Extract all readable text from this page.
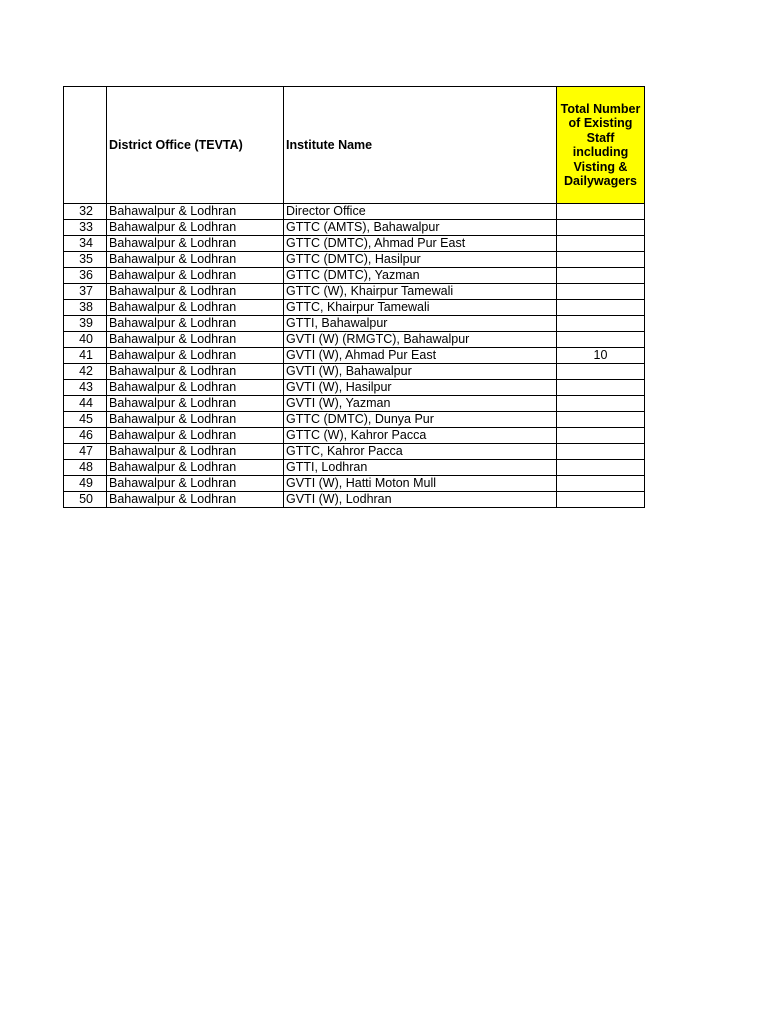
	District Office (TEVTA)	Institute Name	Total Number of Existing Staff including Visting & Dailywagers
32	Bahawalpur & Lodhran	Director Office	
33	Bahawalpur & Lodhran	GTTC (AMTS), Bahawalpur	
34	Bahawalpur & Lodhran	GTTC (DMTC), Ahmad Pur East	
35	Bahawalpur & Lodhran	GTTC (DMTC), Hasilpur	
36	Bahawalpur & Lodhran	GTTC (DMTC), Yazman	
37	Bahawalpur & Lodhran	GTTC (W), Khairpur Tamewali	
38	Bahawalpur & Lodhran	GTTC, Khairpur Tamewali	
39	Bahawalpur & Lodhran	GTTI, Bahawalpur	
40	Bahawalpur & Lodhran	GVTI (W) (RMGTC), Bahawalpur	
41	Bahawalpur & Lodhran	GVTI (W), Ahmad Pur East	10
42	Bahawalpur & Lodhran	GVTI (W), Bahawalpur	
43	Bahawalpur & Lodhran	GVTI (W), Hasilpur	
44	Bahawalpur & Lodhran	GVTI (W), Yazman	
45	Bahawalpur & Lodhran	GTTC (DMTC), Dunya Pur	
46	Bahawalpur & Lodhran	GTTC (W), Kahror Pacca	
47	Bahawalpur & Lodhran	GTTC, Kahror Pacca	
48	Bahawalpur & Lodhran	GTTI, Lodhran	
49	Bahawalpur & Lodhran	GVTI (W), Hatti Moton Mull	
50	Bahawalpur & Lodhran	GVTI (W), Lodhran	
